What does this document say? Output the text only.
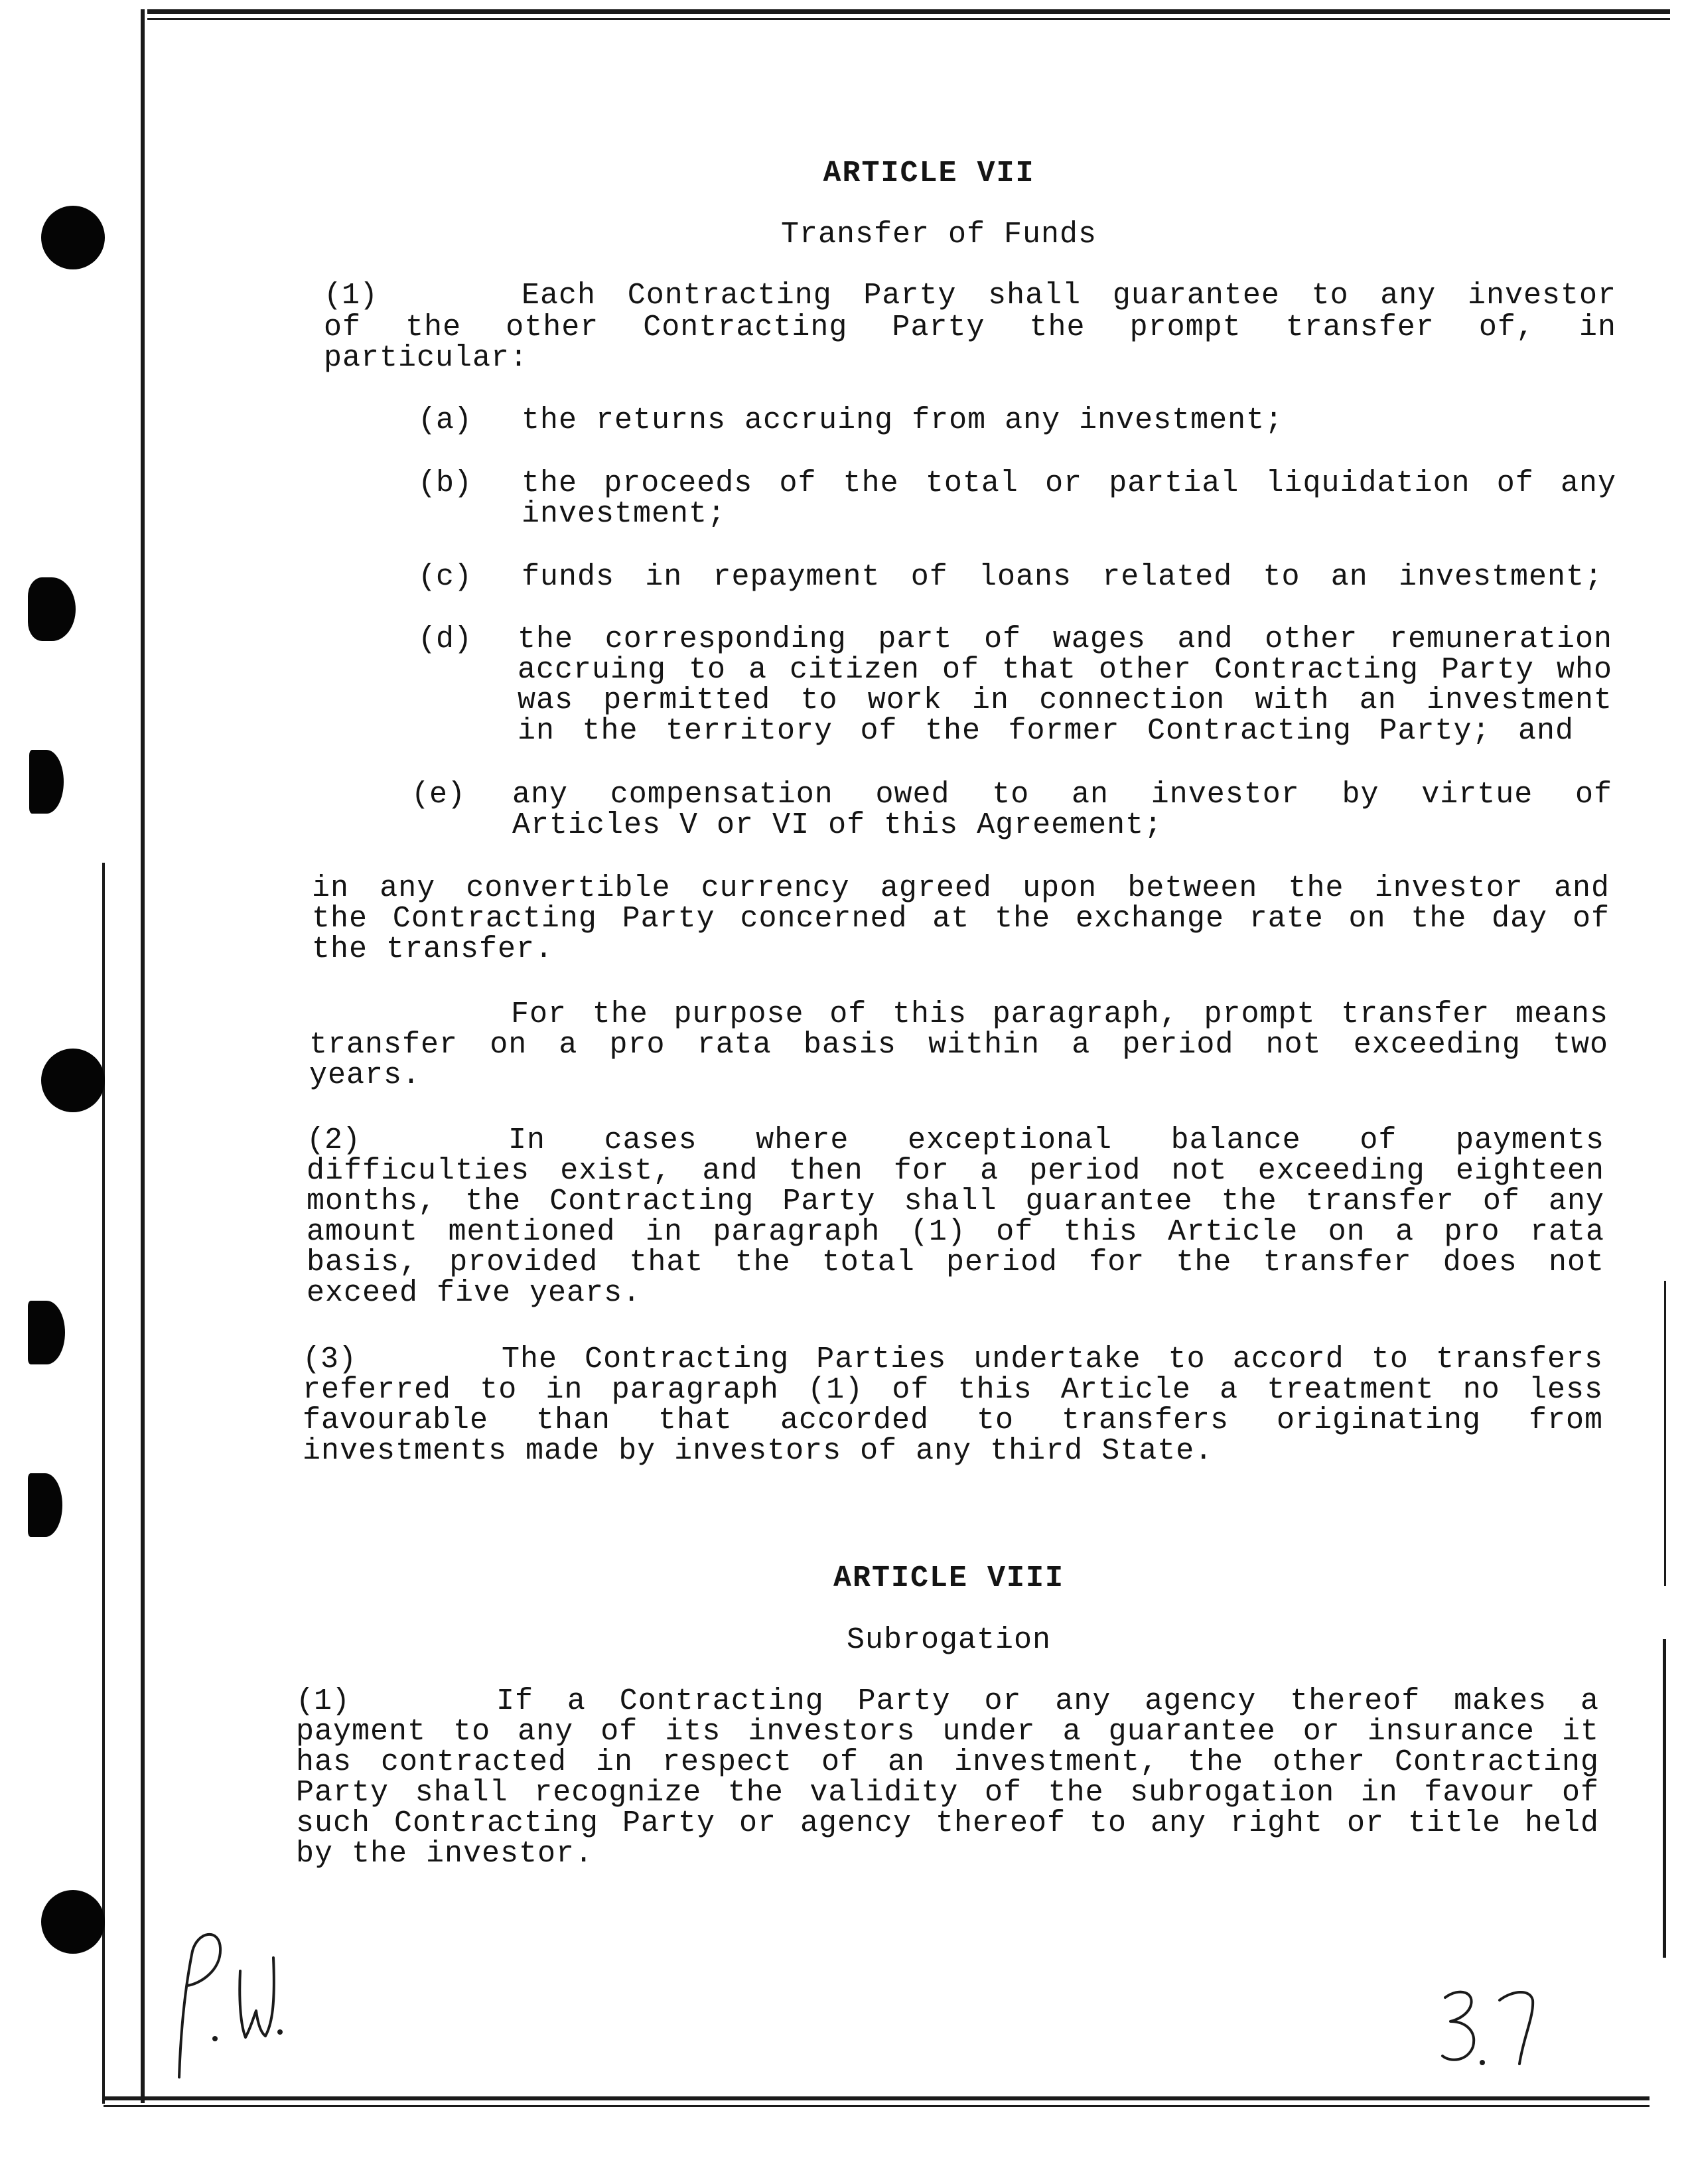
ARTICLE VII
Transfer of Funds
(1)	Each Contracting Party shall guarantee to any investor
of the other Contracting Party the prompt transfer of, in
particular:
(a) the returns accruing from any investment;
(b) the proceeds of the total or partial liquidation of any
investment;
(c) funds in repayment of loans related to an investment;
(d) the corresponding part of wages and other remuneration
accruing to a citizen of that other Contracting Party who
was permitted to work in connection with an investment
in the territory of the former Contracting Party; and
(e) any compensation owed to an investor by virtue of
Articles V or VI of this Agreement;
in any convertible currency agreed upon between the investor and
the Contracting Party concerned at the exchange rate on the day of
the transfer.
For the purpose of this paragraph, prompt transfer means
transfer on a pro rata basis within a period not exceeding two
years.
(2)	In cases where exceptional balance of payments
difficulties exist, and then for a period not exceeding eighteen
months, the Contracting Party shall guarantee the transfer of any
amount mentioned in paragraph (1) of this Article on a pro rata
basis, provided that the total period for the transfer does not
exceed five years.
(3)	The Contracting Parties undertake to accord to transfers
referred to in paragraph (1) of this Article a treatment no less
favourable than that accorded to transfers originating from
investments made by investors of any third State.
ARTICLE VIII
Subrogation
(1)	If a Contracting Party or any agency thereof makes a
payment to any of its investors under a guarantee or insurance it
has contracted in respect of an investment, the other Contracting
Party shall recognize the validity of the subrogation in favour of
such Contracting Party or agency thereof to any right or title held
by the investor.
